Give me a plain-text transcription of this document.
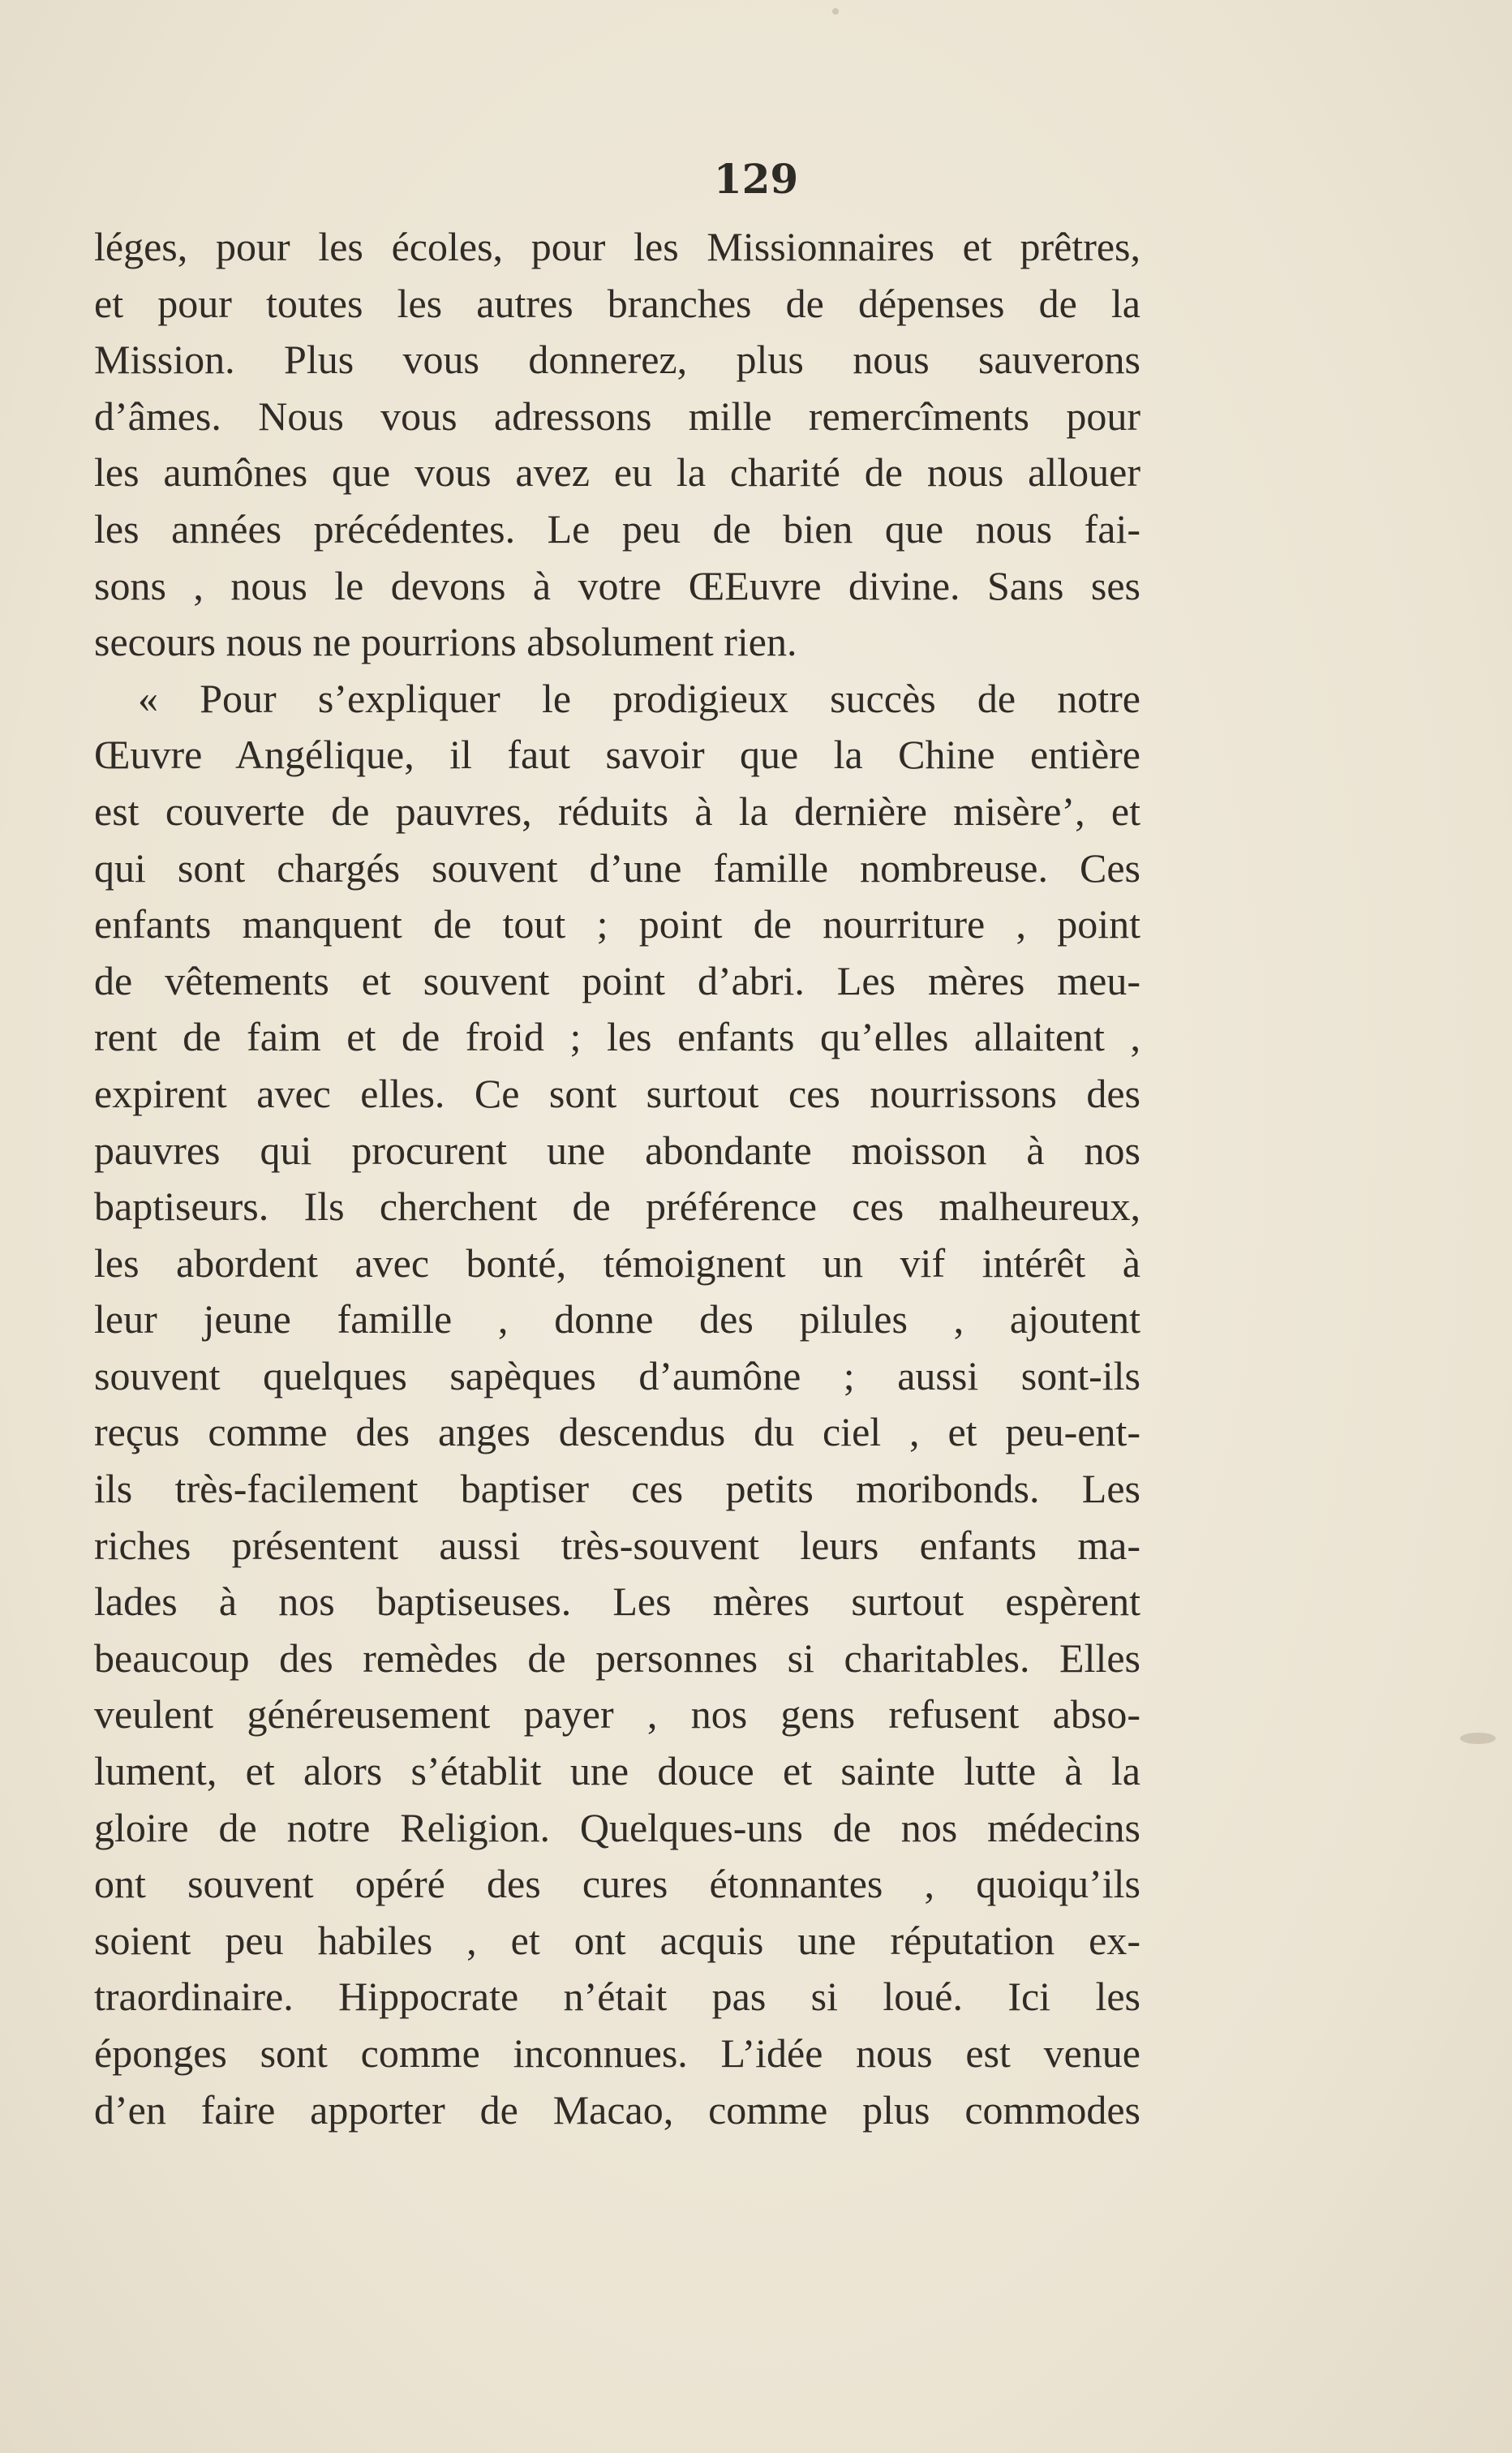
129
léges, pour les écoles, pour les Missionnaires et prêtres,
et pour toutes les autres branches de dépenses de la
Mission. Plus vous donnerez, plus nous sauverons
d’âmes. Nous vous adressons mille remercîments pour
les aumônes que vous avez eu la charité de nous allouer
les années précédentes. Le peu de bien que nous fai-
sons , nous le devons à votre ŒEuvre divine. Sans ses
secours nous ne pourrions absolument rien.
« Pour s’expliquer le prodigieux succès de notre
Œuvre Angélique, il faut savoir que la Chine entière
est couverte de pauvres, réduits à la dernière misère’, et
qui sont chargés souvent d’une famille nombreuse. Ces
enfants manquent de tout ; point de nourriture , point
de vêtements et souvent point d’abri. Les mères meu-
rent de faim et de froid ; les enfants qu’elles allaitent ,
expirent avec elles. Ce sont surtout ces nourrissons des
pauvres qui procurent une abondante moisson à nos
baptiseurs. Ils cherchent de préférence ces malheureux,
les abordent avec bonté, témoignent un vif intérêt à
leur jeune famille , donne des pilules , ajoutent
souvent quelques sapèques d’aumône ; aussi sont-ils
reçus comme des anges descendus du ciel , et peu-ent-
ils très-facilement baptiser ces petits moribonds. Les
riches présentent aussi très-souvent leurs enfants ma-
lades à nos baptiseuses. Les mères surtout espèrent
beaucoup des remèdes de personnes si charitables. Elles
veulent généreusement payer , nos gens refusent abso-
lument, et alors s’établit une douce et sainte lutte à la
gloire de notre Religion. Quelques-uns de nos médecins
ont souvent opéré des cures étonnantes , quoiqu’ils
soient peu habiles , et ont acquis une réputation ex-
traordinaire. Hippocrate n’était pas si loué. Ici les
éponges sont comme inconnues. L’idée nous est venue
d’en faire apporter de Macao, comme plus commodes
